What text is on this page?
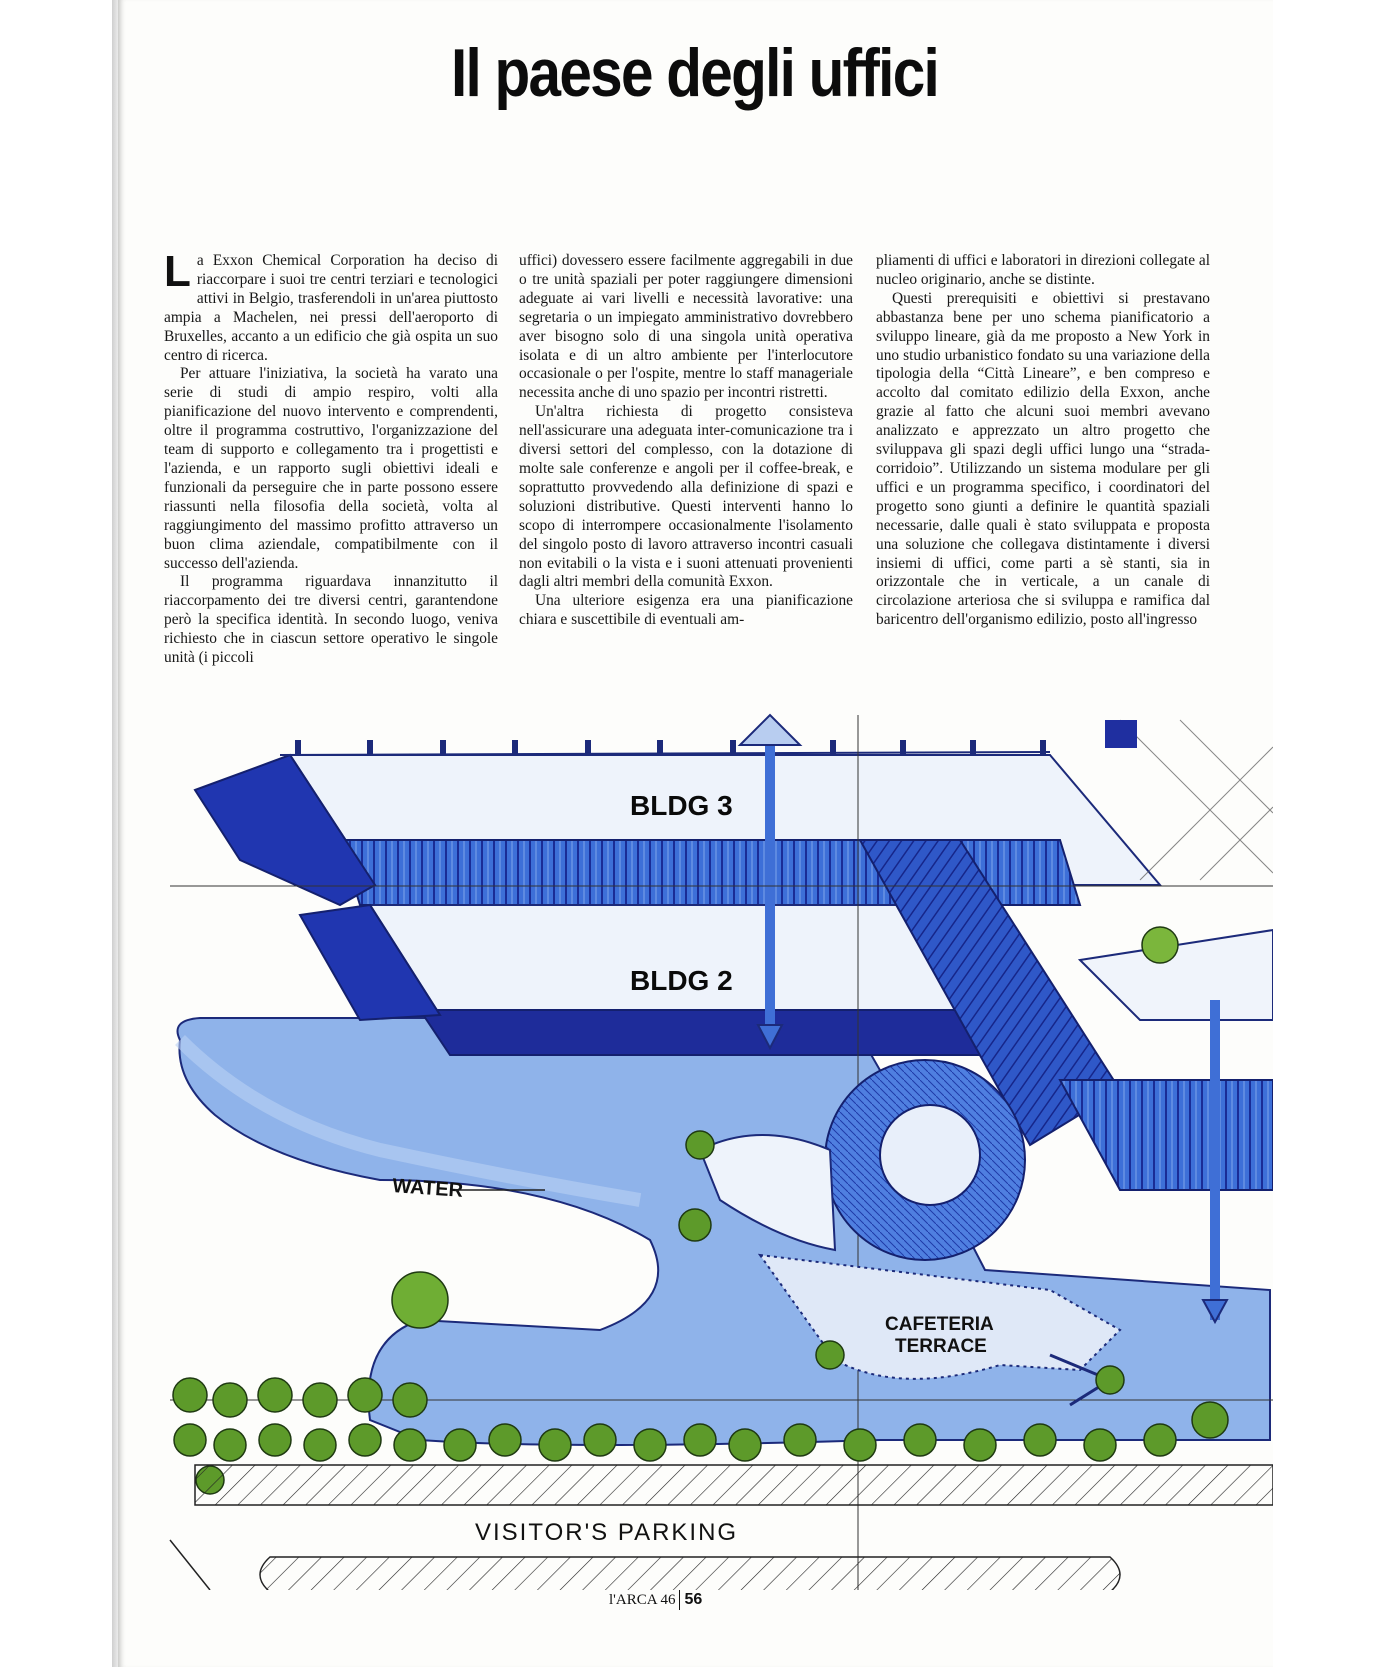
Il paese degli uffici

La Exxon Chemical Corporation ha deciso di riaccorpare i suoi tre centri terziari e tecnologici attivi in Belgio, trasferendoli in un'area piuttosto ampia a Machelen, nei pressi dell'aeroporto di Bruxelles, accanto a un edificio che già ospita un suo centro di ricerca.

Per attuare l'iniziativa, la società ha varato una serie di studi di ampio respiro, volti alla pianificazione del nuovo intervento e comprendenti, oltre il programma costruttivo, l'organizzazione del team di supporto e collegamento tra i progettisti e l'azienda, e un rapporto sugli obiettivi ideali e funzionali da perseguire che in parte possono essere riassunti nella filosofia della società, volta al raggiungimento del massimo profitto attraverso un buon clima aziendale, compatibilmente con il successo dell'azienda.

Il programma riguardava innanzitutto il riaccorpamento dei tre diversi centri, garantendone però la specifica identità. In secondo luogo, veniva richiesto che in ciascun settore operativo le singole unità (i piccoli

uffici) dovessero essere facilmente aggregabili in due o tre unità spaziali per poter raggiungere dimensioni adeguate ai vari livelli e necessità lavorative: una segretaria o un impiegato amministrativo dovrebbero aver bisogno solo di una singola unità operativa isolata e di un altro ambiente per l'interlocutore occasionale o per l'ospite, mentre lo staff manageriale necessita anche di uno spazio per incontri ristretti.

Un'altra richiesta di progetto consisteva nell'assicurare una adeguata inter-comunicazione tra i diversi settori del complesso, con la dotazione di molte sale conferenze e angoli per il coffee-break, e soprattutto provvedendo alla definizione di spazi e soluzioni distributive. Questi interventi hanno lo scopo di interrompere occasionalmente l'isolamento del singolo posto di lavoro attraverso incontri casuali non evitabili o la vista e i suoni attenuati provenienti dagli altri membri della comunità Exxon.

Una ulteriore esigenza era una pianificazione chiara e suscettibile di eventuali am-

pliamenti di uffici e laboratori in direzioni collegate al nucleo originario, anche se distinte.

Questi prerequisiti e obiettivi si prestavano abbastanza bene per uno schema pianificatorio a sviluppo lineare, già da me proposto a New York in uno studio urbanistico fondato su una variazione della tipologia della “Città Lineare”, e ben compreso e accolto dal comitato edilizio della Exxon, anche grazie al fatto che alcuni suoi membri avevano analizzato e apprezzato un altro progetto che sviluppava gli spazi degli uffici lungo una “strada-corridoio”. Utilizzando un sistema modulare per gli uffici e un programma specifico, i coordinatori del progetto sono giunti a definire le quantità spaziali necessarie, dalle quali è stato sviluppata e proposta una soluzione che collegava distintamente i diversi insiemi di uffici, come parti a sè stanti, sia in orizzontale che in verticale, a un canale di circolazione arteriosa che si sviluppa e ramifica dal baricentro dell'organismo edilizio, posto all'ingresso

WATER
BLDG 3
BLDG 2
CAFETERIA
TERRACE
VISITOR'S PARKING
l'ARCA 46 56
